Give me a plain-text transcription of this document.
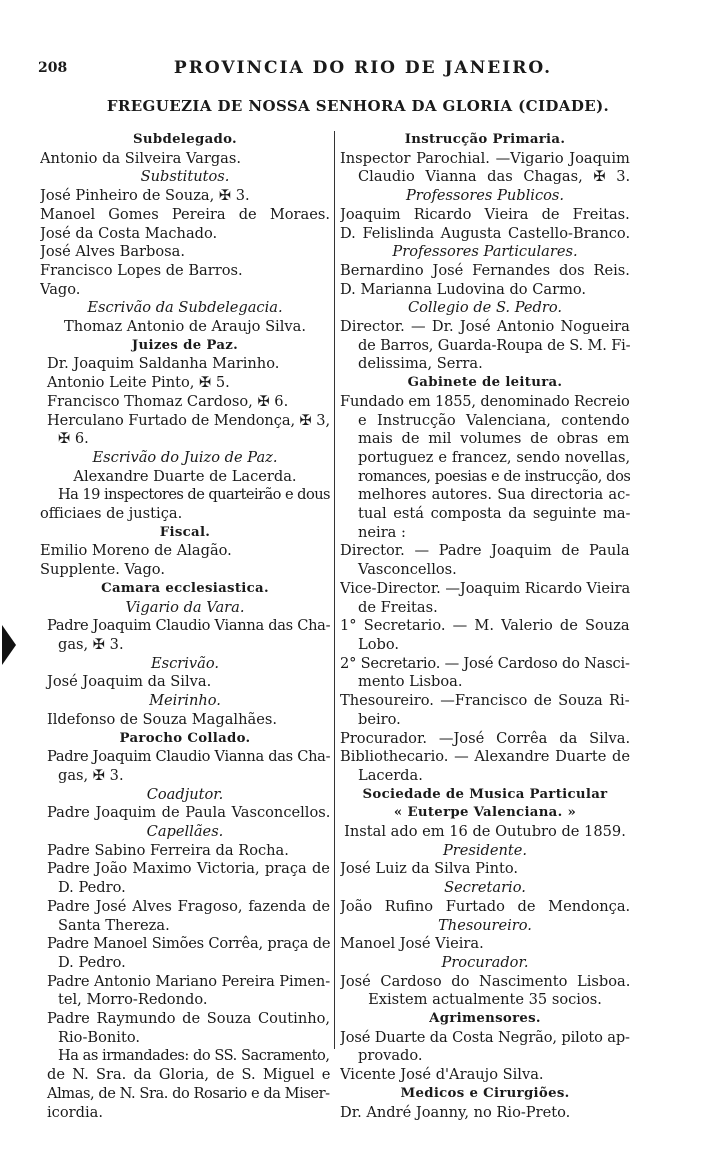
208	PROVINCIA DO RIO DE JANEIRO.
FREGUEZIA DE NOSSA SENHORA DA GLORIA (CIDADE).
Subdelegado.
Antonio da Silveira Vargas.
Substitutos.
José Pinheiro de Souza, ✠ 3.
Manoel Gomes Pereira de Moraes.
José da Costa Machado.
José Alves Barbosa.
Francisco Lopes de Barros.
Vago.
Escrivão da Subdelegacia.
Thomaz Antonio de Araujo Silva.
Juizes de Paz.
Dr. Joaquim Saldanha Marinho.
Antonio Leite Pinto, ✠ 5.
Francisco Thomaz Cardoso, ✠ 6.
Herculano Furtado de Mendonça, ✠ 3,
✠ 6.
Escrivão do Juizo de Paz.
Alexandre Duarte de Lacerda.
Ha 19 inspectores de quarteirão e dous
officiaes de justiça.
Fiscal.
Emilio Moreno de Alagão.
Supplente. Vago.
Camara ecclesiastica.
Vigario da Vara.
Padre Joaquim Claudio Vianna das Cha-
gas, ✠ 3.
Escrivão.
José Joaquim da Silva.
Meirinho.
Ildefonso de Souza Magalhães.
Parocho Collado.
Padre Joaquim Claudio Vianna das Cha-
gas, ✠ 3.
Coadjutor.
Padre Joaquim de Paula Vasconcellos.
Capellães.
Padre Sabino Ferreira da Rocha.
Padre João Maximo Victoria, praça de
D. Pedro.
Padre José Alves Fragoso, fazenda de
Santa Thereza.
Padre Manoel Simões Corrêa, praça de
D. Pedro.
Padre Antonio Mariano Pereira Pimen-
tel, Morro-Redondo.
Padre Raymundo de Souza Coutinho,
Rio-Bonito.
Ha as irmandades: do SS. Sacramento,
de N. Sra. da Gloria, de S. Miguel e
Almas, de N. Sra. do Rosario e da Miser-
icordia.
Instrucção Primaria.
Inspector Parochial. —Vigario Joaquim
Claudio Vianna das Chagas, ✠ 3.
Professores Publicos.
Joaquim Ricardo Vieira de Freitas.
D. Felislinda Augusta Castello-Branco.
Professores Particulares.
Bernardino José Fernandes dos Reis.
D. Marianna Ludovina do Carmo.
Collegio de S. Pedro.
Director. — Dr. José Antonio Nogueira
de Barros, Guarda-Roupa de S. M. Fi-
delissima, Serra.
Gabinete de leitura.
Fundado em 1855, denominado Recreio
e Instrucção Valenciana, contendo
mais de mil volumes de obras em
portuguez e francez, sendo novellas,
romances, poesias e de instrucção, dos
melhores autores. Sua directoria ac-
tual está composta da seguinte ma-
neira :
Director. — Padre Joaquim de Paula
Vasconcellos.
Vice-Director. —Joaquim Ricardo Vieira
de Freitas.
1° Secretario. — M. Valerio de Souza
Lobo.
2° Secretario. — José Cardoso do Nasci-
mento Lisboa.
Thesoureiro. —Francisco de Souza Ri-
beiro.
Procurador. —José Corrêa da Silva.
Bibliothecario. — Alexandre Duarte de
Lacerda.
Sociedade de Musica Particular
« Euterpe Valenciana. »
Instal ado em 16 de Outubro de 1859.
Presidente.
José Luiz da Silva Pinto.
Secretario.
João Rufino Furtado de Mendonça.
Thesoureiro.
Manoel José Vieira.
Procurador.
José Cardoso do Nascimento Lisboa.
Existem actualmente 35 socios.
Agrimensores.
José Duarte da Costa Negrão, piloto ap-
provado.
Vicente José d'Araujo Silva.
Medicos e Cirurgiões.
Dr. André Joanny, no Rio-Preto.
